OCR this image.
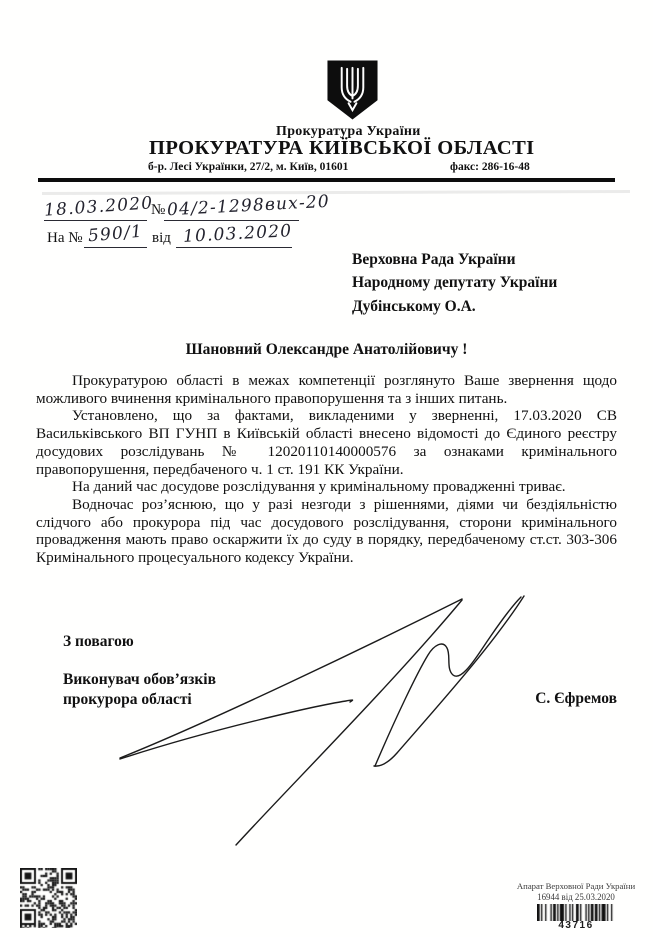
Прокуратура України
ПРОКУРАТУРА КИЇВСЬКОЇ ОБЛАСТІ
б-р. Лесі Українки, 27/2, м. Київ, 01601	факс: 286-16-48
18.03.2020
№ 04/2-1298вих-20
На № 590/1 від 10.03.2020
Верховна Рада України
Народному депутату України
Дубінському О.А.
Шановний Олександре Анатолійовичу !

Прокуратурою області в межах компетенції розглянуто Ваше звернення щодо можливого вчинення кримінального правопорушення та з інших питань.

Установлено, що за фактами, викладеними у зверненні, 17.03.2020 СВ Васильківського ВП ГУНП в Київській області внесено відомості до Єдиного реєстру досудових розслідувань № 12020110140000576 за ознаками кримінального правопорушення, передбаченого ч. 1 ст. 191 КК України.

На даний час досудове розслідування у кримінальному провадженні триває.

Водночас роз’яснюю, що у разі незгоди з рішеннями, діями чи бездіяльністю слідчого або прокурора під час досудового розслідування, сторони кримінального провадження мають право оскаржити їх до суду в порядку, передбаченому ст.ст. 303-306 Кримінального процесуального кодексу України.

З повагою
Виконувач обов’язків
прокурора області	С. Єфремов
Апарат Верховної Ради України
16944 від 25.03.2020
43716
